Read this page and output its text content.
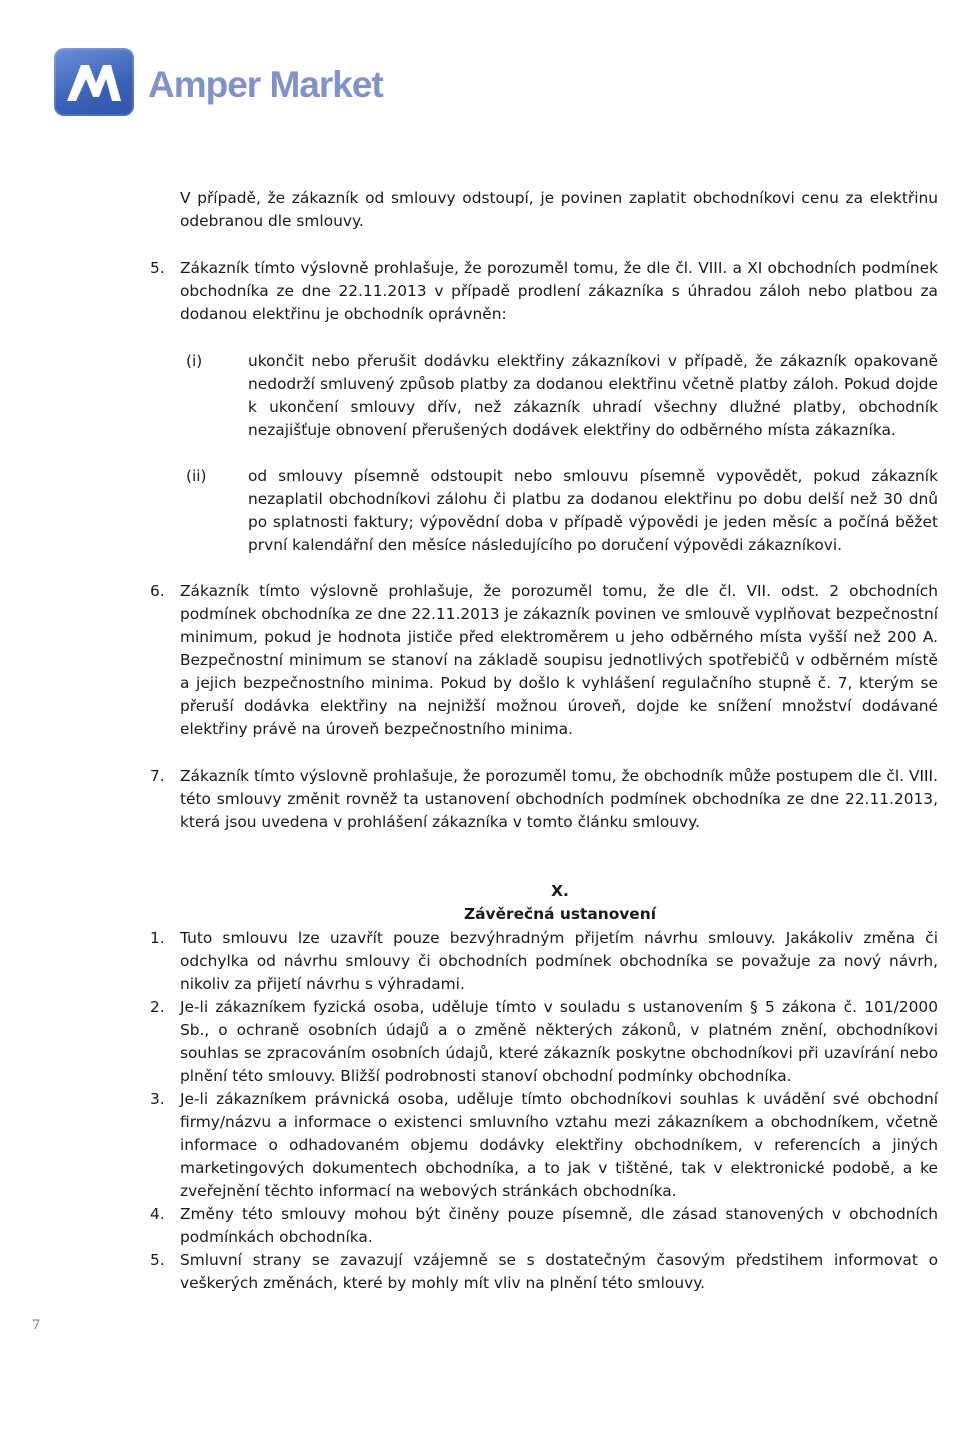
Amper Market
V případě, že zákazník od smlouvy odstoupí, je povinen zaplatit obchodníkovi cenu za elektřinu odebranou dle smlouvy.
5. Zákazník tímto výslovně prohlašuje, že porozuměl tomu, že dle čl. VIII. a XI obchodních podmínek obchodníka ze dne 22.11.2013 v případě prodlení zákazníka s úhradou záloh nebo platbou za dodanou elektřinu je obchodník oprávněn:
(i)	ukončit nebo přerušit dodávku elektřiny zákazníkovi v případě, že zákazník opakovaně nedodrží smluvený způsob platby za dodanou elektřinu včetně platby záloh. Pokud dojde k ukončení smlouvy dřív, než zákazník uhradí všechny dlužné platby, obchodník nezajišťuje obnovení přerušených dodávek elektřiny do odběrného místa zákazníka.
(ii)	od smlouvy písemně odstoupit nebo smlouvu písemně vypovědět, pokud zákazník nezaplatil obchodníkovi zálohu či platbu za dodanou elektřinu po dobu delší než 30 dnů po splatnosti faktury; výpovědní doba v případě výpovědi je jeden měsíc a počíná běžet první kalendářní den měsíce následujícího po doručení výpovědi zákazníkovi.
6. Zákazník tímto výslovně prohlašuje, že porozuměl tomu, že dle čl. VII. odst. 2 obchodních podmínek obchodníka ze dne 22.11.2013 je zákazník povinen ve smlouvě vyplňovat bezpečnostní minimum, pokud je hodnota jističe před elektroměrem u jeho odběrného místa vyšší než 200 A. Bezpečnostní minimum se stanoví na základě soupisu jednotlivých spotřebičů v odběrném místě a jejich bezpečnostního minima. Pokud by došlo k vyhlášení regulačního stupně č. 7, kterým se přeruší dodávka elektřiny na nejnižší možnou úroveň, dojde ke snížení množství dodávané elektřiny právě na úroveň bezpečnostního minima.
7. Zákazník tímto výslovně prohlašuje, že porozuměl tomu, že obchodník může postupem dle čl. VIII. této smlouvy změnit rovněž ta ustanovení obchodních podmínek obchodníka ze dne 22.11.2013, která jsou uvedena v prohlášení zákazníka v tomto článku smlouvy.
X.
Závěrečná ustanovení
1. Tuto smlouvu lze uzavřít pouze bezvýhradným přijetím návrhu smlouvy. Jakákoliv změna či odchylka od návrhu smlouvy či obchodních podmínek obchodníka se považuje za nový návrh, nikoliv za přijetí návrhu s výhradami.
2. Je-li zákazníkem fyzická osoba, uděluje tímto v souladu s ustanovením § 5 zákona č. 101/2000 Sb., o ochraně osobních údajů a o změně některých zákonů, v platném znění, obchodníkovi souhlas se zpracováním osobních údajů, které zákazník poskytne obchodníkovi při uzavírání nebo plnění této smlouvy. Bližší podrobnosti stanoví obchodní podmínky obchodníka.
3. Je-li zákazníkem právnická osoba, uděluje tímto obchodníkovi souhlas k uvádění své obchodní firmy/názvu a informace o existenci smluvního vztahu mezi zákazníkem a obchodníkem, včetně informace o odhadovaném objemu dodávky elektřiny obchodníkem, v referencích a jiných marketingových dokumentech obchodníka, a to jak v tištěné, tak v elektronické podobě, a ke zveřejnění těchto informací na webových stránkách obchodníka.
4. Změny této smlouvy mohou být činěny pouze písemně, dle zásad stanovených v obchodních podmínkách obchodníka.
5. Smluvní strany se zavazují vzájemně se s dostatečným časovým předstihem informovat o veškerých změnách, které by mohly mít vliv na plnění této smlouvy.
7
